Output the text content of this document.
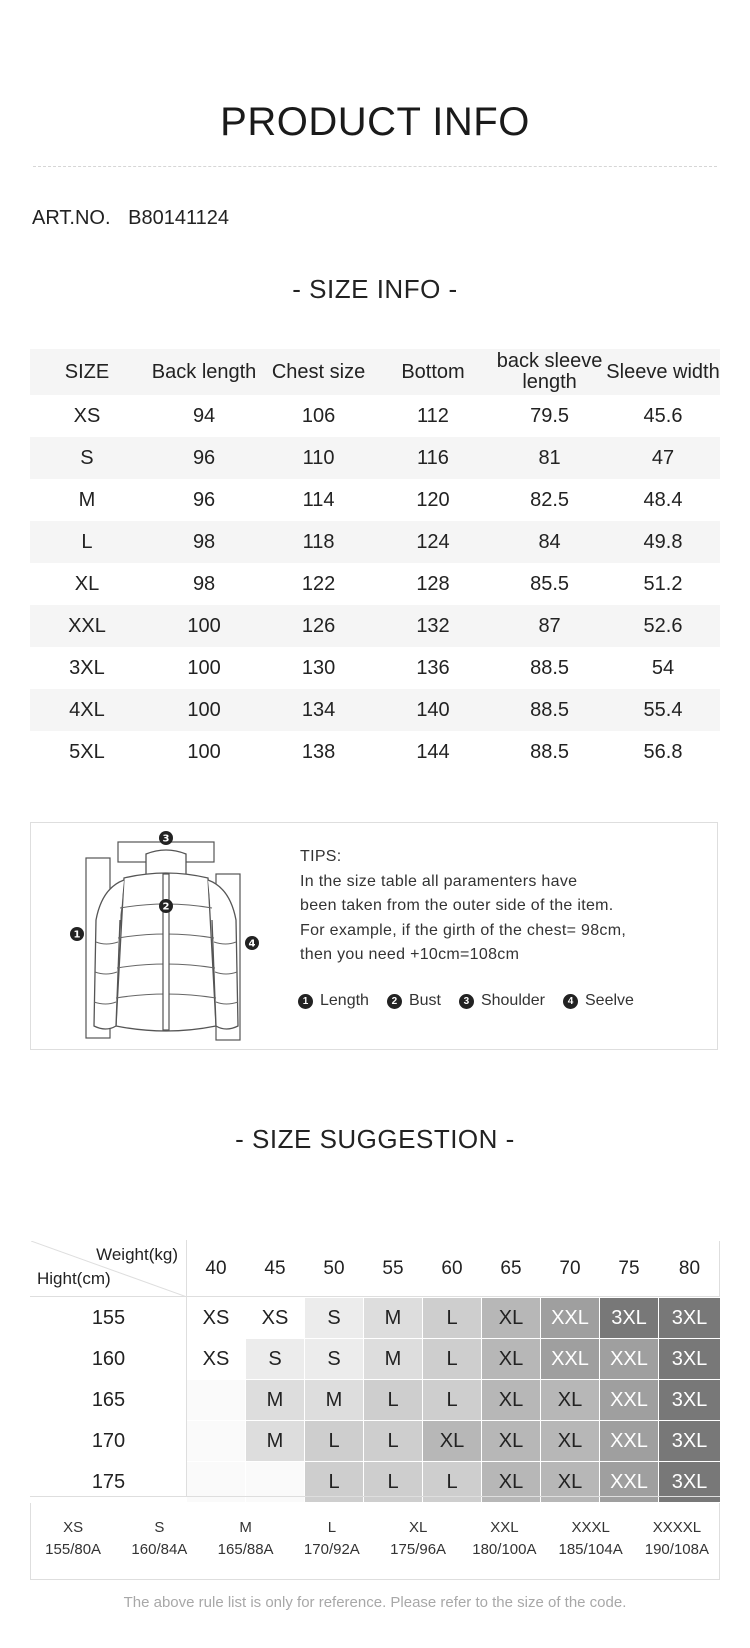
PRODUCT INFO
ART.NO. B80141124
- SIZE INFO -
SIZE	Back length	Chest size	Bottom	back sleeve length	Sleeve width
XS	94	106	112	79.5	45.6
S	96	110	116	81	47
M	96	114	120	82.5	48.4
L	98	118	124	84	49.8
XL	98	122	128	85.5	51.2
XXL	100	126	132	87	52.6
3XL	100	130	136	88.5	54
4XL	100	134	140	88.5	55.4
5XL	100	138	144	88.5	56.8
3
2
1
4
TIPS:
In the size table all paramenters have
been taken from the outer side of the item.
For example, if the girth of the chest= 98cm,
then you need +10cm=108cm
1 Length	2 Bust	3 Shoulder	4 Seelve
- SIZE SUGGESTION -
Weight(kg)
Hight(cm)	40	45	50	55	60	65	70	75	80
155	XS	XS	S	M	L	XL	XXL	3XL	3XL
160	XS	S	S	M	L	XL	XXL	XXL	3XL
165		M	M	L	L	XL	XL	XXL	3XL
170		M	L	L	XL	XL	XL	XXL	3XL
175			L	L	L	XL	XL	XXL	3XL
XS
155/80A
S
160/84A
M
165/88A
L
170/92A
XL
175/96A
XXL
180/100A
XXXL
185/104A
XXXXL
190/108A
The above rule list is only for reference. Please refer to the size of the code.
